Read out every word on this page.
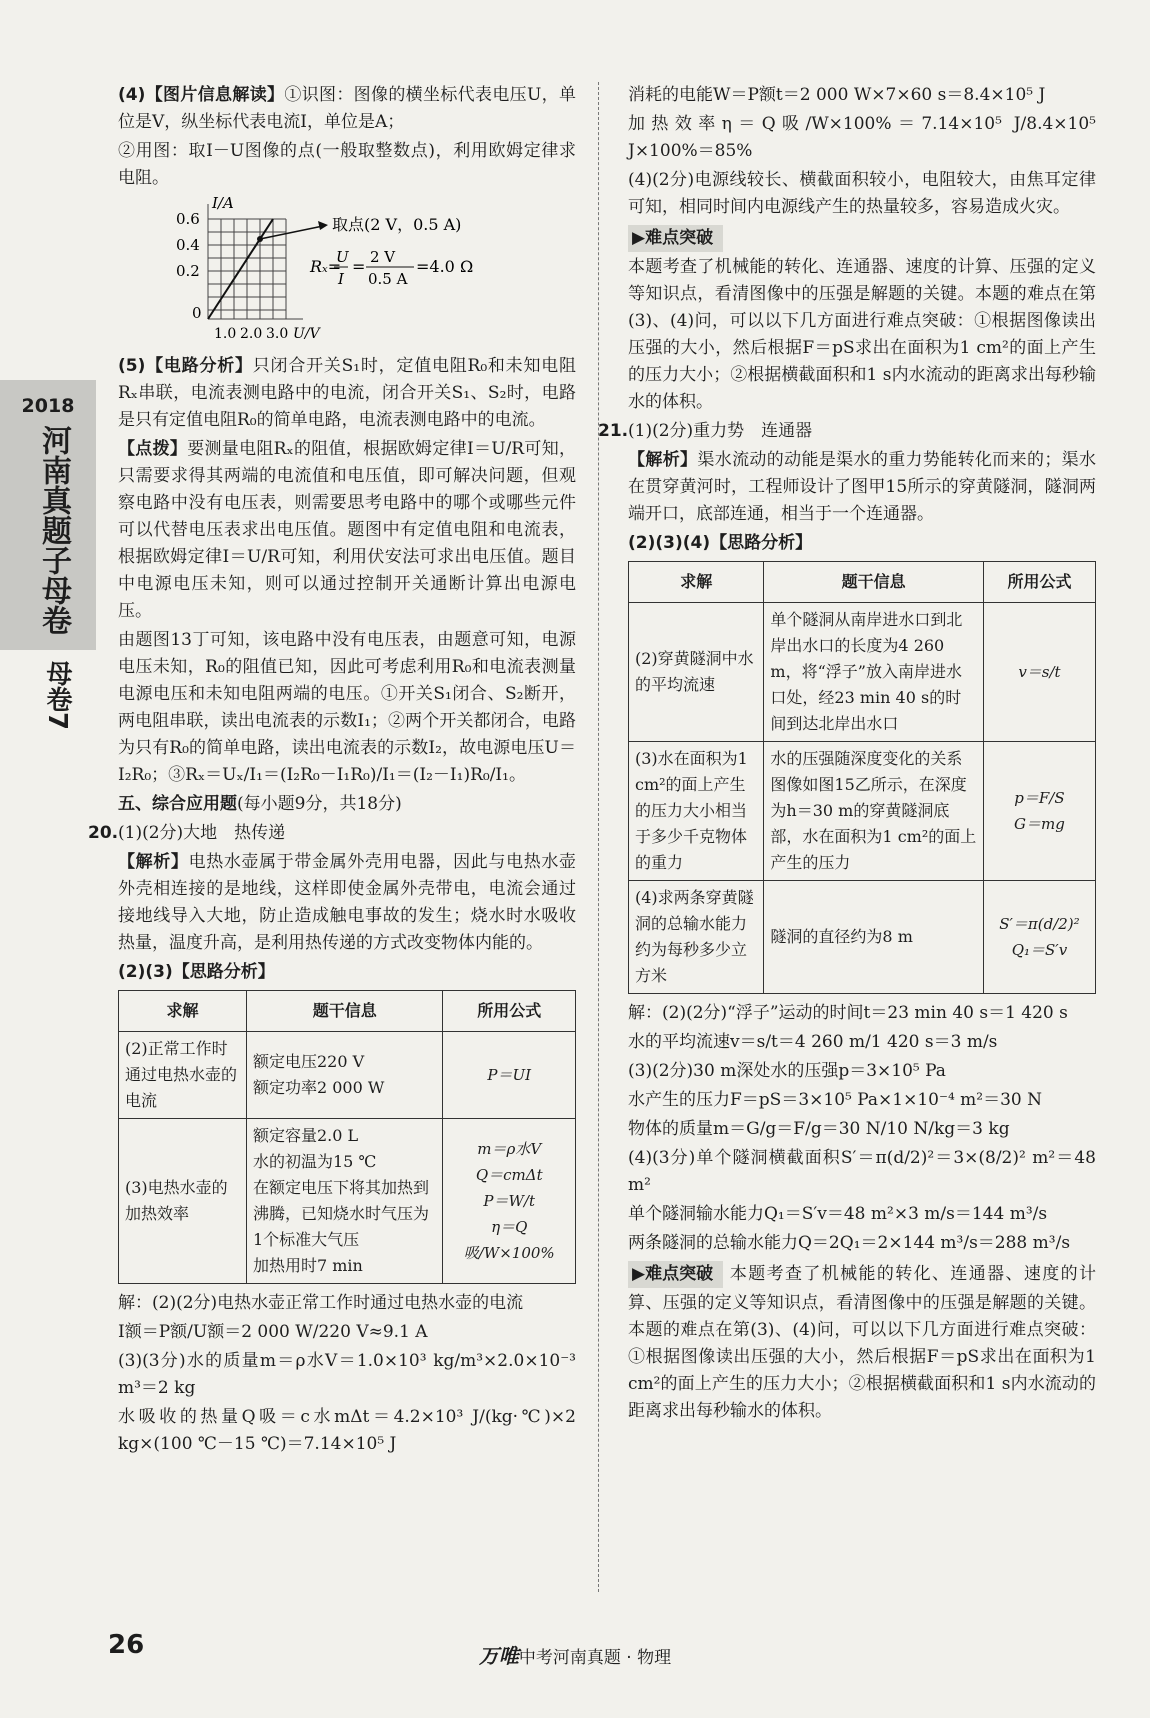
2018
河南真题子母卷
母卷7

(4)【图片信息解读】①识图：图像的横坐标代表电压U，单位是V，纵坐标代表电流I，单位是A；

②用图：取I－U图像的点(一般取整数点)，利用欧姆定律求电阻。

I/A
0.6
0.4
0.2
0
1.0 2.0 3.0 U/V
取点(2 V，0.5 A)
Rₓ=
U
I
= 2 V
0.5 A
=4.0 Ω

(5)【电路分析】只闭合开关S₁时，定值电阻R₀和未知电阻Rₓ串联，电流表测电路中的电流，闭合开关S₁、S₂时，电路是只有定值电阻R₀的简单电路，电流表测电路中的电流。

【点拨】要测量电阻Rₓ的阻值，根据欧姆定律I＝U/R可知，只需要求得其两端的电流值和电压值，即可解决问题，但观察电路中没有电压表，则需要思考电路中的哪个或哪些元件可以代替电压表求出电压值。题图中有定值电阻和电流表，根据欧姆定律I＝U/R可知，利用伏安法可求出电压值。题目中电源电压未知，则可以通过控制开关通断计算出电源电压。

由题图13丁可知，该电路中没有电压表，由题意可知，电源电压未知，R₀的阻值已知，因此可考虑利用R₀和电流表测量电源电压和未知电阻两端的电压。①开关S₁闭合、S₂断开，两电阻串联，读出电流表的示数I₁；②两个开关都闭合，电路为只有R₀的简单电路，读出电流表的示数I₂，故电源电压U＝I₂R₀；③Rₓ＝Uₓ/I₁＝(I₂R₀－I₁R₀)/I₁＝(I₂－I₁)R₀/I₁。

五、综合应用题(每小题9分，共18分)

20.(1)(2分)大地　热传递

【解析】电热水壶属于带金属外壳用电器，因此与电热水壶外壳相连接的是地线，这样即使金属外壳带电，电流会通过接地线导入大地，防止造成触电事故的发生；烧水时水吸收热量，温度升高，是利用热传递的方式改变物体内能的。

(2)(3)【思路分析】

求解	题干信息	所用公式
(2)正常工作时通过电热水壶的电流	额定电压220 V
额定功率2 000 W	P＝UI
(3)电热水壶的加热效率	额定容量2.0 L
水的初温为15 ℃
在额定电压下将其加热到沸腾，已知烧水时气压为1个标准大气压
加热用时7 min	m＝ρ水V
Q＝cmΔt
P＝W/t
η＝Q吸/W×100%

解：(2)(2分)电热水壶正常工作时通过电热水壶的电流

I额＝P额/U额＝2 000 W/220 V≈9.1 A

(3)(3分)水的质量m＝ρ水V＝1.0×10³ kg/m³×2.0×10⁻³ m³＝2 kg

水吸收的热量Q吸＝c水mΔt＝4.2×10³ J/(kg·℃)×2 kg×(100 ℃－15 ℃)＝7.14×10⁵ J

消耗的电能W＝P额t＝2 000 W×7×60 s＝8.4×10⁵ J

加热效率η＝Q吸/W×100%＝7.14×10⁵ J/8.4×10⁵ J×100%＝85%

(4)(2分)电源线较长、横截面积较小，电阻较大，由焦耳定律可知，相同时间内电源线产生的热量较多，容易造成火灾。

▶难点突破

本题考查了机械能的转化、连通器、速度的计算、压强的定义等知识点，看清图像中的压强是解题的关键。本题的难点在第(3)、(4)问，可以以下几方面进行难点突破：①根据图像读出压强的大小，然后根据F＝pS求出在面积为1 cm²的面上产生的压力大小；②根据横截面积和1 s内水流动的距离求出每秒输水的体积。

21.(1)(2分)重力势　连通器

【解析】渠水流动的动能是渠水的重力势能转化而来的；渠水在贯穿黄河时，工程师设计了图甲15所示的穿黄隧洞，隧洞两端开口，底部连通，相当于一个连通器。

(2)(3)(4)【思路分析】

求解	题干信息	所用公式
(2)穿黄隧洞中水的平均流速	单个隧洞从南岸进水口到北岸出水口的长度为4 260 m，将“浮子”放入南岸进水口处，经23 min 40 s的时间到达北岸出水口	v＝s/t
(3)水在面积为1 cm²的面上产生的压力大小相当于多少千克物体的重力	水的压强随深度变化的关系图像如图15乙所示，在深度为h＝30 m的穿黄隧洞底部，水在面积为1 cm²的面上产生的压力	p＝F/S
G＝mg
(4)求两条穿黄隧洞的总输水能力约为每秒多少立方米	隧洞的直径约为8 m	S′＝π(d/2)²
Q₁＝S′v

解：(2)(2分)“浮子”运动的时间t＝23 min 40 s＝1 420 s

水的平均流速v＝s/t＝4 260 m/1 420 s＝3 m/s

(3)(2分)30 m深处水的压强p＝3×10⁵ Pa

水产生的压力F＝pS＝3×10⁵ Pa×1×10⁻⁴ m²＝30 N

物体的质量m＝G/g＝F/g＝30 N/10 N/kg＝3 kg

(4)(3分)单个隧洞横截面积S′＝π(d/2)²＝3×(8/2)² m²＝48 m²

单个隧洞输水能力Q₁＝S′v＝48 m²×3 m/s＝144 m³/s

两条隧洞的总输水能力Q＝2Q₁＝2×144 m³/s＝288 m³/s

▶难点突破 本题考查了机械能的转化、连通器、速度的计算、压强的定义等知识点，看清图像中的压强是解题的关键。本题的难点在第(3)、(4)问，可以以下几方面进行难点突破：①根据图像读出压强的大小，然后根据F＝pS求出在面积为1 cm²的面上产生的压力大小；②根据横截面积和1 s内水流动的距离求出每秒输水的体积。

26	万唯中考河南真题 · 物理
